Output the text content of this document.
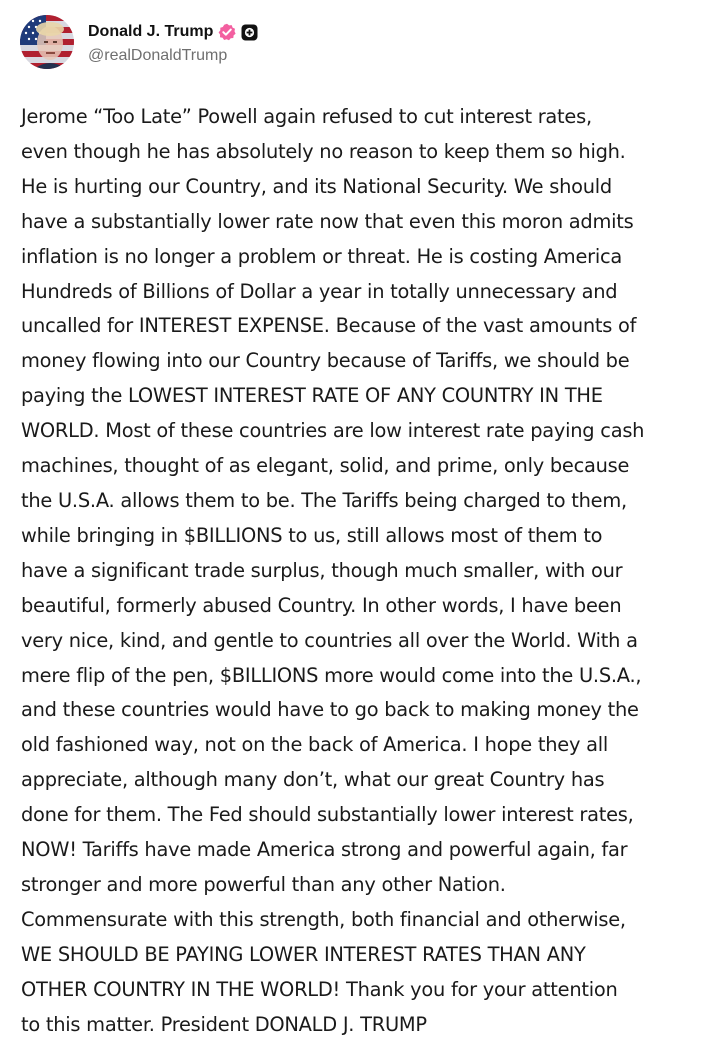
Donald J. Trump
@realDonaldTrump
Jerome “Too Late” Powell again refused to cut interest rates,
even though he has absolutely no reason to keep them so high.
He is hurting our Country, and its National Security. We should
have a substantially lower rate now that even this moron admits
inflation is no longer a problem or threat. He is costing America
Hundreds of Billions of Dollar a year in totally unnecessary and
uncalled for INTEREST EXPENSE. Because of the vast amounts of
money flowing into our Country because of Tariffs, we should be
paying the LOWEST INTEREST RATE OF ANY COUNTRY IN THE
WORLD. Most of these countries are low interest rate paying cash
machines, thought of as elegant, solid, and prime, only because
the U.S.A. allows them to be. The Tariffs being charged to them,
while bringing in $BILLIONS to us, still allows most of them to
have a significant trade surplus, though much smaller, with our
beautiful, formerly abused Country. In other words, I have been
very nice, kind, and gentle to countries all over the World. With a
mere flip of the pen, $BILLIONS more would come into the U.S.A.,
and these countries would have to go back to making money the
old fashioned way, not on the back of America. I hope they all
appreciate, although many don’t, what our great Country has
done for them. The Fed should substantially lower interest rates,
NOW! Tariffs have made America strong and powerful again, far
stronger and more powerful than any other Nation.
Commensurate with this strength, both financial and otherwise,
WE SHOULD BE PAYING LOWER INTEREST RATES THAN ANY
OTHER COUNTRY IN THE WORLD! Thank you for your attention
to this matter. President DONALD J. TRUMP
